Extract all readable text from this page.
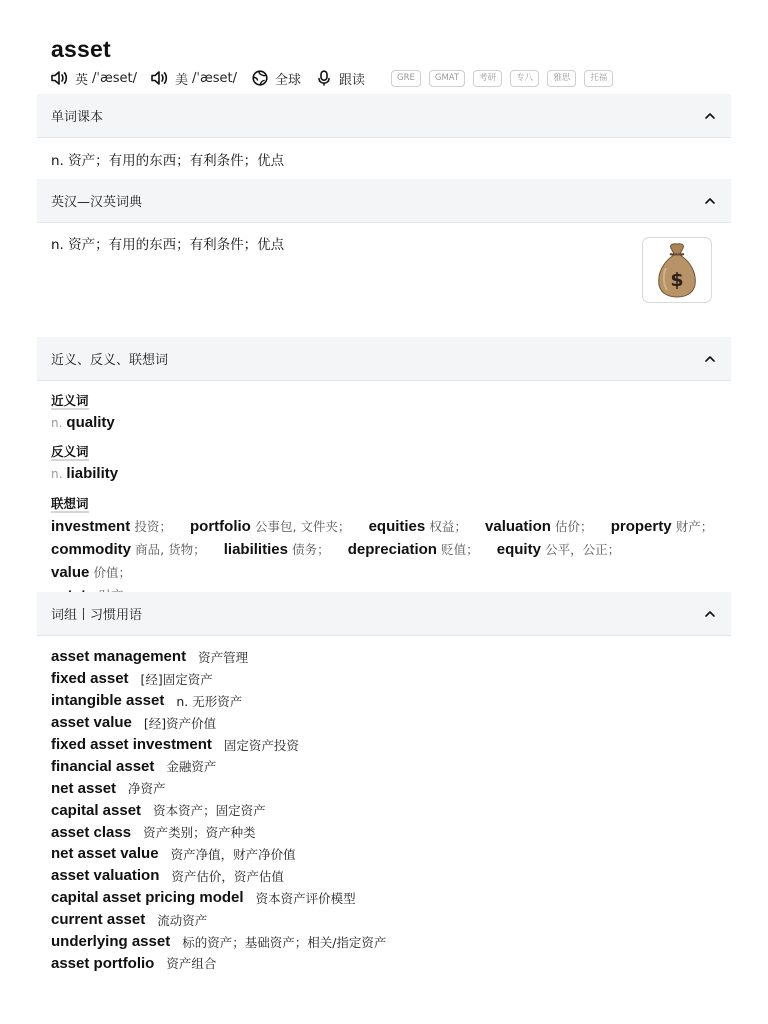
asset
英 /ˈæset/	美 /ˈæset/	全球	跟读	GRE	GMAT	考研	专八	雅思	托福
单词课本
n. 资产；有用的东西；有利条件；优点
英汉—汉英词典
n. 资产；有用的东西；有利条件；优点
$
近义、反义、联想词
近义词
n. quality
反义词
n. liability
联想词
investment 投资； portfolio 公事包, 文件夹； equities 权益； valuation 估价； property 财产；
commodity 商品, 货物； liabilities 债务； depreciation 贬值； equity 公平，公正； value 价值；

词组丨习惯用语
asset management 资产管理
fixed asset [经]固定资产
intangible asset n. 无形资产
asset value [经]资产价值
fixed asset investment 固定资产投资
financial asset 金融资产
net asset 净资产
capital asset 资本资产；固定资产
asset class 资产类别；资产种类
net asset value 资产净值，财产净价值
asset valuation 资产估价，资产估值
capital asset pricing model 资本资产评价模型
current asset 流动资产
underlying asset 标的资产；基础资产；相关/指定资产
asset portfolio 资产组合
